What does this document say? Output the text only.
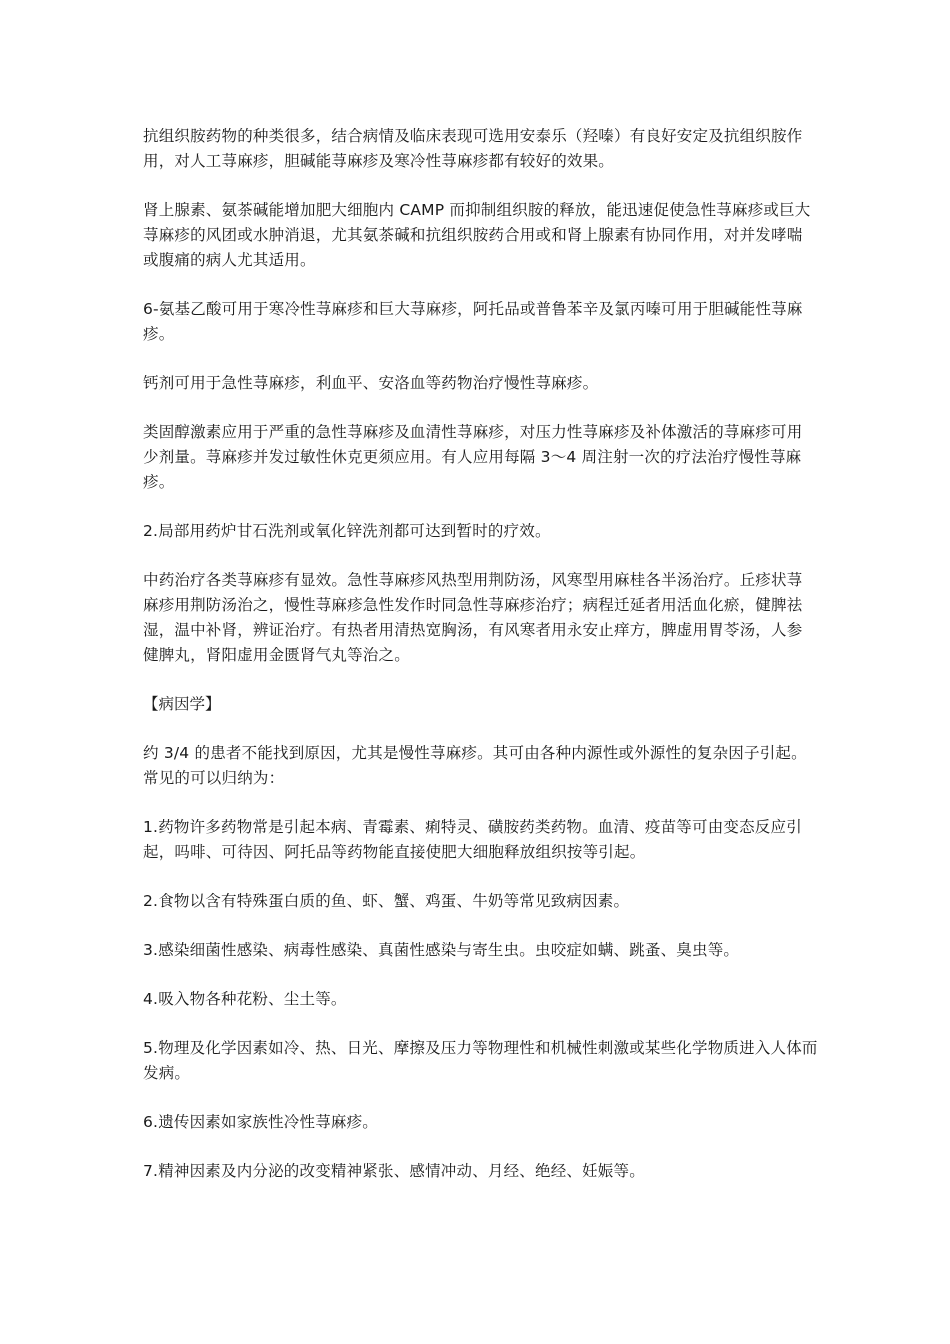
抗组织胺药物的种类很多，结合病情及临床表现可选用安泰乐（羟嗪）有良好安定及抗组织胺作用，对人工荨麻疹，胆碱能荨麻疹及寒冷性荨麻疹都有较好的效果。

肾上腺素、氨茶碱能增加肥大细胞内 CAMP 而抑制组织胺的释放，能迅速促使急性荨麻疹或巨大荨麻疹的风团或水肿消退，尤其氨茶碱和抗组织胺药合用或和肾上腺素有协同作用，对并发哮喘或腹痛的病人尤其适用。

6-氨基乙酸可用于寒冷性荨麻疹和巨大荨麻疹，阿托品或普鲁苯辛及氯丙嗪可用于胆碱能性荨麻疹。

钙剂可用于急性荨麻疹，利血平、安洛血等药物治疗慢性荨麻疹。

类固醇激素应用于严重的急性荨麻疹及血清性荨麻疹，对压力性荨麻疹及补体激活的荨麻疹可用少剂量。荨麻疹并发过敏性休克更须应用。有人应用每隔 3～4 周注射一次的疗法治疗慢性荨麻疹。

2.局部用药炉甘石洗剂或氧化锌洗剂都可达到暂时的疗效。

中药治疗各类荨麻疹有显效。急性荨麻疹风热型用荆防汤，风寒型用麻桂各半汤治疗。丘疹状荨麻疹用荆防汤治之，慢性荨麻疹急性发作时同急性荨麻疹治疗；病程迁延者用活血化瘀，健脾祛湿，温中补肾，辨证治疗。有热者用清热宽胸汤，有风寒者用永安止痒方，脾虚用胃苓汤，人参健脾丸，肾阳虚用金匮肾气丸等治之。

【病因学】

约 3/4 的患者不能找到原因，尤其是慢性荨麻疹。其可由各种内源性或外源性的复杂因子引起。常见的可以归纳为：

1.药物许多药物常是引起本病、青霉素、痢特灵、磺胺药类药物。血清、疫苗等可由变态反应引起，吗啡、可待因、阿托品等药物能直接使肥大细胞释放组织按等引起。

2.食物以含有特殊蛋白质的鱼、虾、蟹、鸡蛋、牛奶等常见致病因素。

3.感染细菌性感染、病毒性感染、真菌性感染与寄生虫。虫咬症如螨、跳蚤、臭虫等。

4.吸入物各种花粉、尘土等。

5.物理及化学因素如冷、热、日光、摩擦及压力等物理性和机械性刺激或某些化学物质进入人体而发病。

6.遗传因素如家族性冷性荨麻疹。

7.精神因素及内分泌的改变精神紧张、感情冲动、月经、绝经、妊娠等。
